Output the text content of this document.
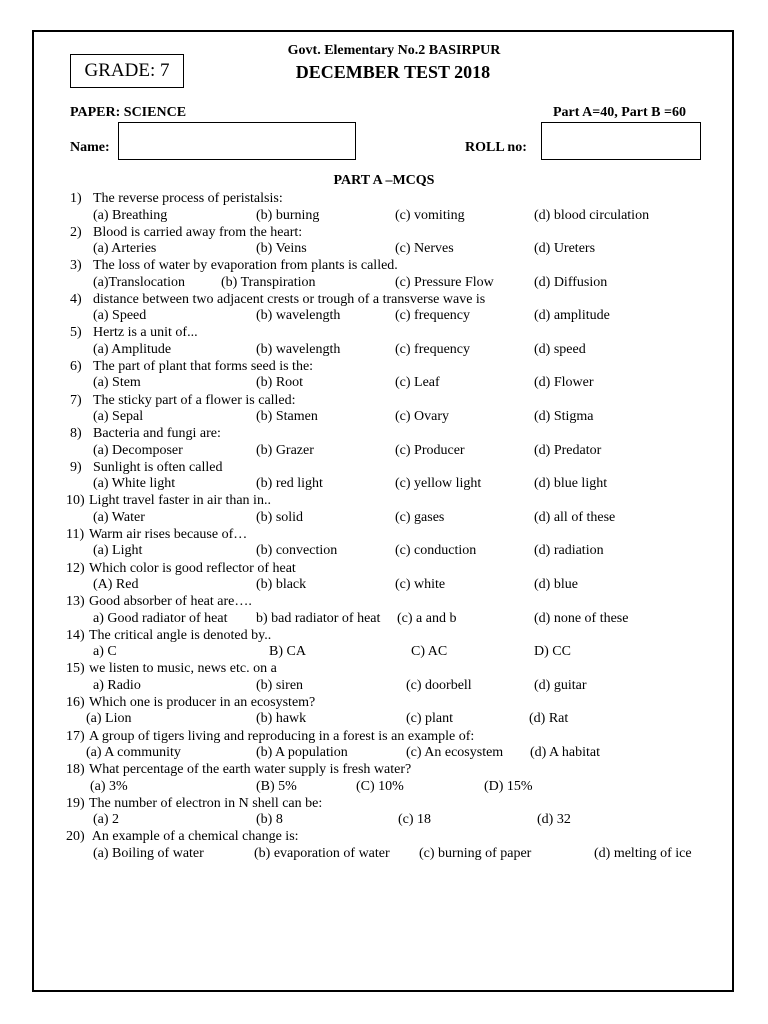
GRADE: 7
Govt. Elementary No.2 BASIRPUR
DECEMBER TEST 2018
PAPER: SCIENCE	Part A=40, Part B =60
Name:	ROLL no:
PART A –MCQS
1) The reverse process of peristalsis:
(a) Breathing	(b) burning	(c) vomiting	(d) blood circulation
2) Blood is carried away from the heart:
(a) Arteries	(b) Veins	(c) Nerves	(d) Ureters
3) The loss of water by evaporation from plants is called.
(a)Translocation	(b) Transpiration	(c) Pressure Flow	(d) Diffusion
4) distance between two adjacent crests or trough of a transverse wave is
(a) Speed	(b) wavelength	(c) frequency	(d) amplitude
5) Hertz is a unit of...
(a) Amplitude	(b) wavelength	(c) frequency	(d) speed
6) The part of plant that forms seed is the:
(a) Stem	(b) Root	(c) Leaf	(d) Flower
7) The sticky part of a flower is called:
(a) Sepal	(b) Stamen	(c) Ovary	(d) Stigma
8) Bacteria and fungi are:
(a) Decomposer	(b) Grazer	(c) Producer	(d) Predator
9) Sunlight is often called
(a) White light	(b) red light	(c) yellow light	(d) blue light
10) Light travel faster in air than in..
(a) Water	(b) solid	(c) gases	(d) all of these
11) Warm air rises because of…
(a) Light	(b) convection	(c) conduction	(d) radiation
12) Which color is good reflector of heat
(A) Red	(b) black	(c) white	(d) blue
13) Good absorber of heat are….
a) Good radiator of heat b) bad radiator of heat (c) a and b	(d) none of these
14) The critical angle is denoted by..
a) C	B) CA	C) AC	D) CC
15) we listen to music, news etc. on a
a) Radio	(b) siren	(c) doorbell	(d) guitar
16) Which one is producer in an ecosystem?
(a) Lion	(b) hawk	(c) plant	(d) Rat
17) A group of tigers living and reproducing in a forest is an example of:
(a) A community	(b) A population	(c) An ecosystem (d) A habitat
18) What percentage of the earth water supply is fresh water?
(a) 3%	(B) 5%	(C) 10%	(D) 15%
19) The number of electron in N shell can be:
(a) 2	(b) 8	(c) 18	(d) 32
20) An example of a chemical change is:
(a) Boiling of water	(b) evaporation of water (c) burning of paper	(d) melting of ice
